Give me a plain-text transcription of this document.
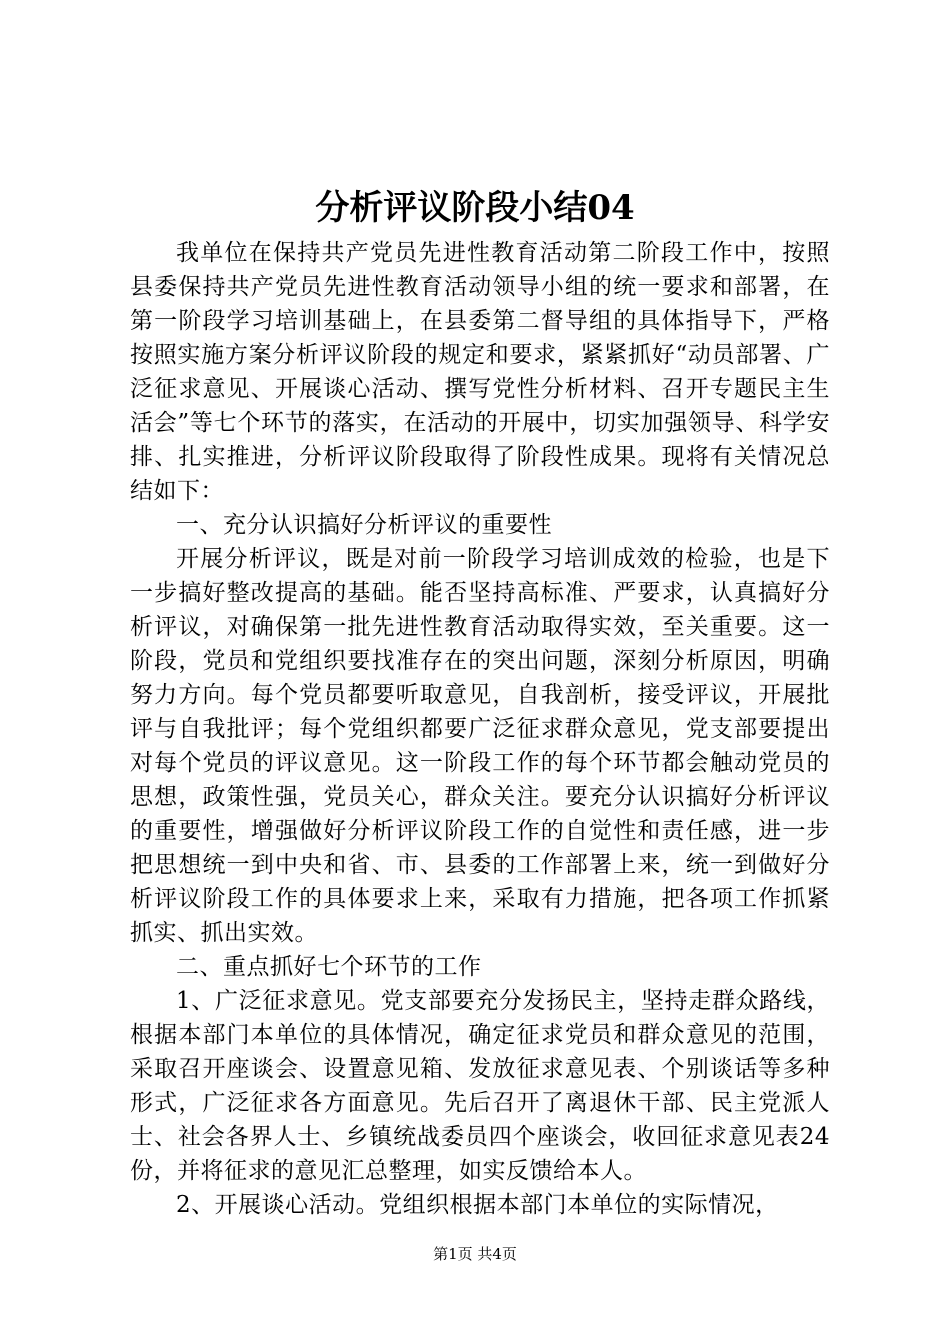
分析评议阶段小结04

我单位在保持共产党员先进性教育活动第二阶段工作中，按照县委保持共产党员先进性教育活动领导小组的统一要求和部署，在第一阶段学习培训基础上，在县委第二督导组的具体指导下，严格按照实施方案分析评议阶段的规定和要求，紧紧抓好“动员部署、广泛征求意见、开展谈心活动、撰写党性分析材料、召开专题民主生活会”等七个环节的落实，在活动的开展中，切实加强领导、科学安排、扎实推进，分析评议阶段取得了阶段性成果。现将有关情况总结如下：

一、充分认识搞好分析评议的重要性

开展分析评议，既是对前一阶段学习培训成效的检验，也是下一步搞好整改提高的基础。能否坚持高标准、严要求，认真搞好分析评议，对确保第一批先进性教育活动取得实效，至关重要。这一阶段，党员和党组织要找准存在的突出问题，深刻分析原因，明确努力方向。每个党员都要听取意见，自我剖析，接受评议，开展批评与自我批评；每个党组织都要广泛征求群众意见，党支部要提出对每个党员的评议意见。这一阶段工作的每个环节都会触动党员的思想，政策性强，党员关心，群众关注。要充分认识搞好分析评议的重要性，增强做好分析评议阶段工作的自觉性和责任感，进一步把思想统一到中央和省、市、县委的工作部署上来，统一到做好分析评议阶段工作的具体要求上来，采取有力措施，把各项工作抓紧抓实、抓出实效。

二、重点抓好七个环节的工作

1、广泛征求意见。党支部要充分发扬民主，坚持走群众路线，根据本部门本单位的具体情况，确定征求党员和群众意见的范围，采取召开座谈会、设置意见箱、发放征求意见表、个别谈话等多种形式，广泛征求各方面意见。先后召开了离退休干部、民主党派人士、社会各界人士、乡镇统战委员四个座谈会，收回征求意见表24份，并将征求的意见汇总整理，如实反馈给本人。

2、开展谈心活动。党组织根据本部门本单位的实际情况，

第1页 共4页
